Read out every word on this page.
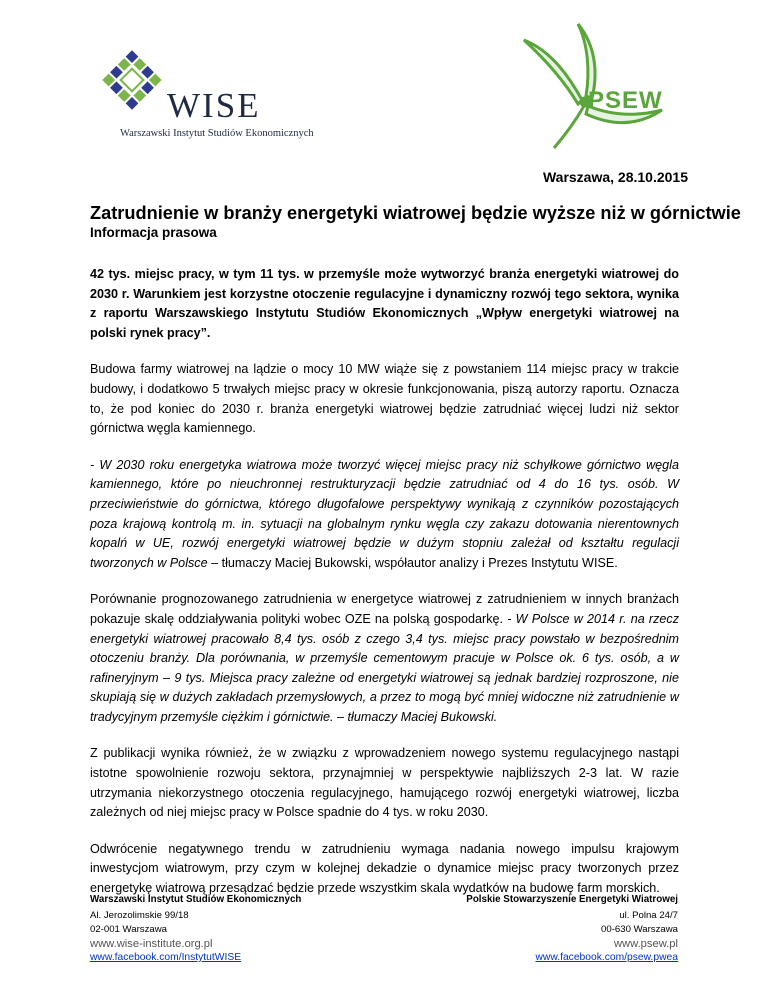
WISE
Warszawski Instytut Studiów Ekonomicznych
PSEW
Warszawa, 28.10.2015
Zatrudnienie w branży energetyki wiatrowej będzie wyższe niż w górnictwie
Informacja prasowa

42 tys. miejsc pracy, w tym 11 tys. w przemyśle może wytworzyć branża energetyki wiatrowej do 2030 r. Warunkiem jest korzystne otoczenie regulacyjne i dynamiczny rozwój tego sektora, wynika z raportu Warszawskiego Instytutu Studiów Ekonomicznych „Wpływ energetyki wiatrowej na polski rynek pracy”.

Budowa farmy wiatrowej na lądzie o mocy 10 MW wiąże się z powstaniem 114 miejsc pracy w trakcie budowy, i dodatkowo 5 trwałych miejsc pracy w okresie funkcjonowania, piszą autorzy raportu. Oznacza to, że pod koniec do 2030 r. branża energetyki wiatrowej będzie zatrudniać więcej ludzi niż sektor górnictwa węgla kamiennego.

- W 2030 roku energetyka wiatrowa może tworzyć więcej miejsc pracy niż schyłkowe górnictwo węgla kamiennego, które po nieuchronnej restrukturyzacji będzie zatrudniać od 4 do 16 tys. osób. W przeciwieństwie do górnictwa, którego długofalowe perspektywy wynikają z czynników pozostających poza krajową kontrolą m. in. sytuacji na globalnym rynku węgla czy zakazu dotowania nierentownych kopalń w UE, rozwój energetyki wiatrowej będzie w dużym stopniu zależał od kształtu regulacji tworzonych w Polsce – tłumaczy Maciej Bukowski, współautor analizy i Prezes Instytutu WISE.

Porównanie prognozowanego zatrudnienia w energetyce wiatrowej z zatrudnieniem w innych branżach pokazuje skalę oddziaływania polityki wobec OZE na polską gospodarkę. - W Polsce w 2014 r. na rzecz energetyki wiatrowej pracowało 8,4 tys. osób z czego 3,4 tys. miejsc pracy powstało w bezpośrednim otoczeniu branży. Dla porównania, w przemyśle cementowym pracuje w Polsce ok. 6 tys. osób, a w rafineryjnym – 9 tys. Miejsca pracy zależne od energetyki wiatrowej są jednak bardziej rozproszone, nie skupiają się w dużych zakładach przemysłowych, a przez to mogą być mniej widoczne niż zatrudnienie w tradycyjnym przemyśle ciężkim i górnictwie. – tłumaczy Maciej Bukowski.

Z publikacji wynika również, że w związku z wprowadzeniem nowego systemu regulacyjnego nastąpi istotne spowolnienie rozwoju sektora, przynajmniej w perspektywie najbliższych 2-3 lat. W razie utrzymania niekorzystnego otoczenia regulacyjnego, hamującego rozwój energetyki wiatrowej, liczba zależnych od niej miejsc pracy w Polsce spadnie do 4 tys. w roku 2030.

Odwrócenie negatywnego trendu w zatrudnieniu wymaga nadania nowego impulsu krajowym inwestycjom wiatrowym, przy czym w kolejnej dekadzie o dynamice miejsc pracy tworzonych przez energetykę wiatrową przesądzać będzie przede wszystkim skala wydatków na budowę farm morskich.

Warszawski Instytut Studiów Ekonomicznych
Al. Jerozolimskie 99/18
02-001 Warszawa
www.wise-institute.org.pl
www.facebook.com/InstytutWISE
Polskie Stowarzyszenie Energetyki Wiatrowej
ul. Polna 24/7
00-630 Warszawa
www.psew.pl
www.facebook.com/psew.pwea
